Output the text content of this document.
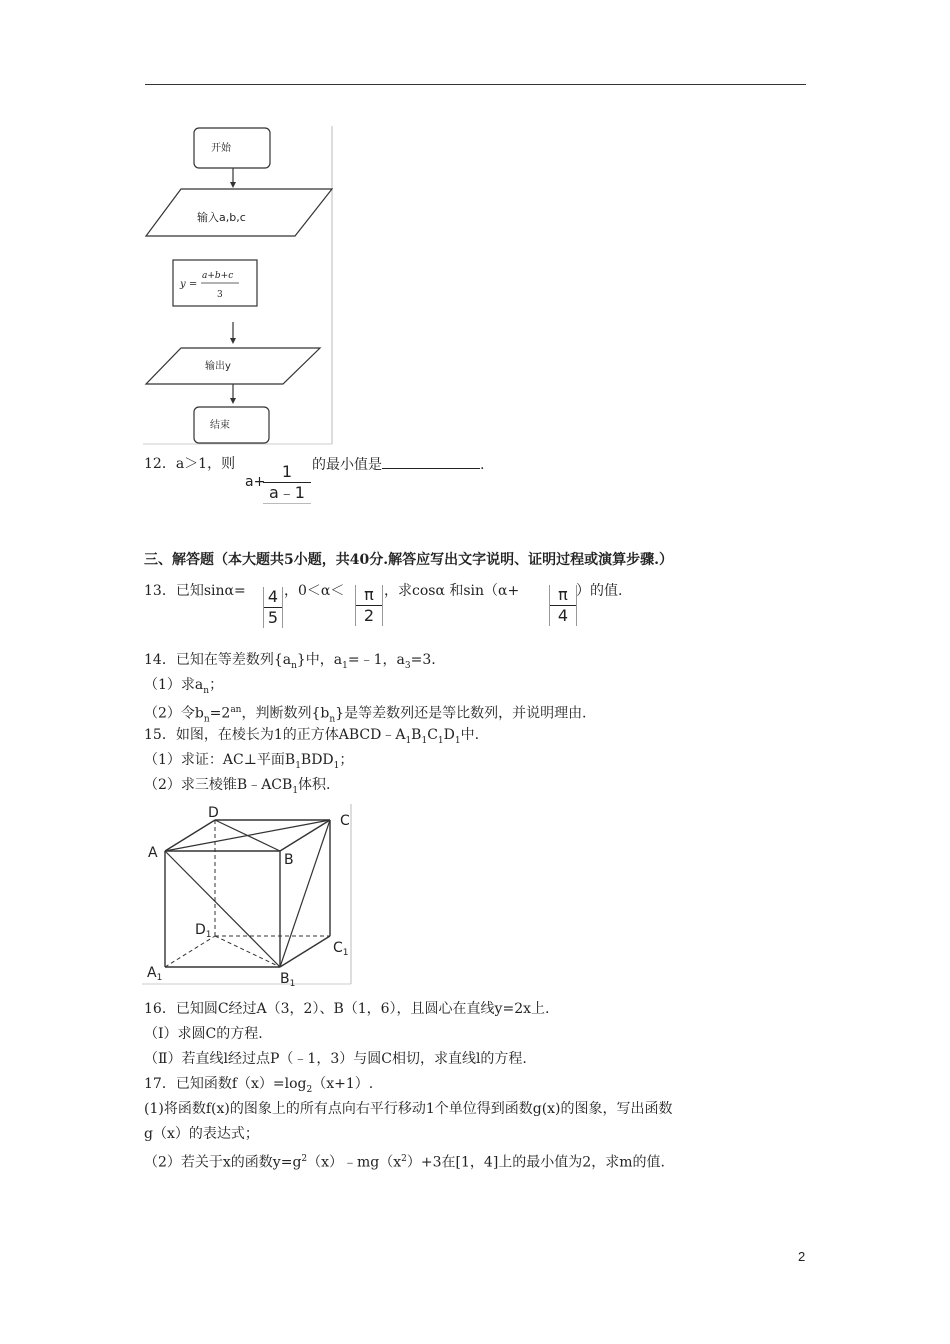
开始
输入a,b,c
y =
a+b+c
3
输出y
结束
12．a＞1，则
a+
1
a﹣1
的最小值是	.
三、解答题（本大题共5小题，共40分.解答应写出文字说明、证明过程或演算步骤.）
13．已知$\sin\alpha= \frac{4}{5}$ ，$0<\alpha< \frac{\pi}{2}$ ，求cosα 和$\sin(\alpha+ \frac{\pi}{4}$ ）的值.
14．已知在等差数列$\{a_n\}$中，$a_1=﹣1$，$a_3=3$.
（1）求$a_n$；
（2）令$b_n=2^{an}$，判断数列$\{b_n\}$是等差数列还是等比数列，并说明理由.
15．如图，在棱长为1的正方体$ABCD﹣A_1B_1C_1D_1$中.
（1）求证：AC⊥平面$B_1BDD_1$；
（2）求三棱锥$B﹣ACB_1$体积.
D	C
A	B
$D_1$
$C_1$
$A_1$	$B_1$
16．已知圆C经过A（3，2）、B（1，6），且圆心在直线y=2x上.
（Ⅰ）求圆C的方程.
（Ⅱ）若直线l经过点P（﹣1，3）与圆C相切，求直线l的方程.
17．已知函数$f(x)=\log_2(x+1)$.
(1)将函数f(x)的图象上的所有点向右平行移动1个单位得到函数g(x)的图象，写出函数
g（x）的表达式；
（2）若关于x的函数$y=g^2(x)﹣mg(x^2)+3$在[1，4]上的最小值为2，求m的值.
2
